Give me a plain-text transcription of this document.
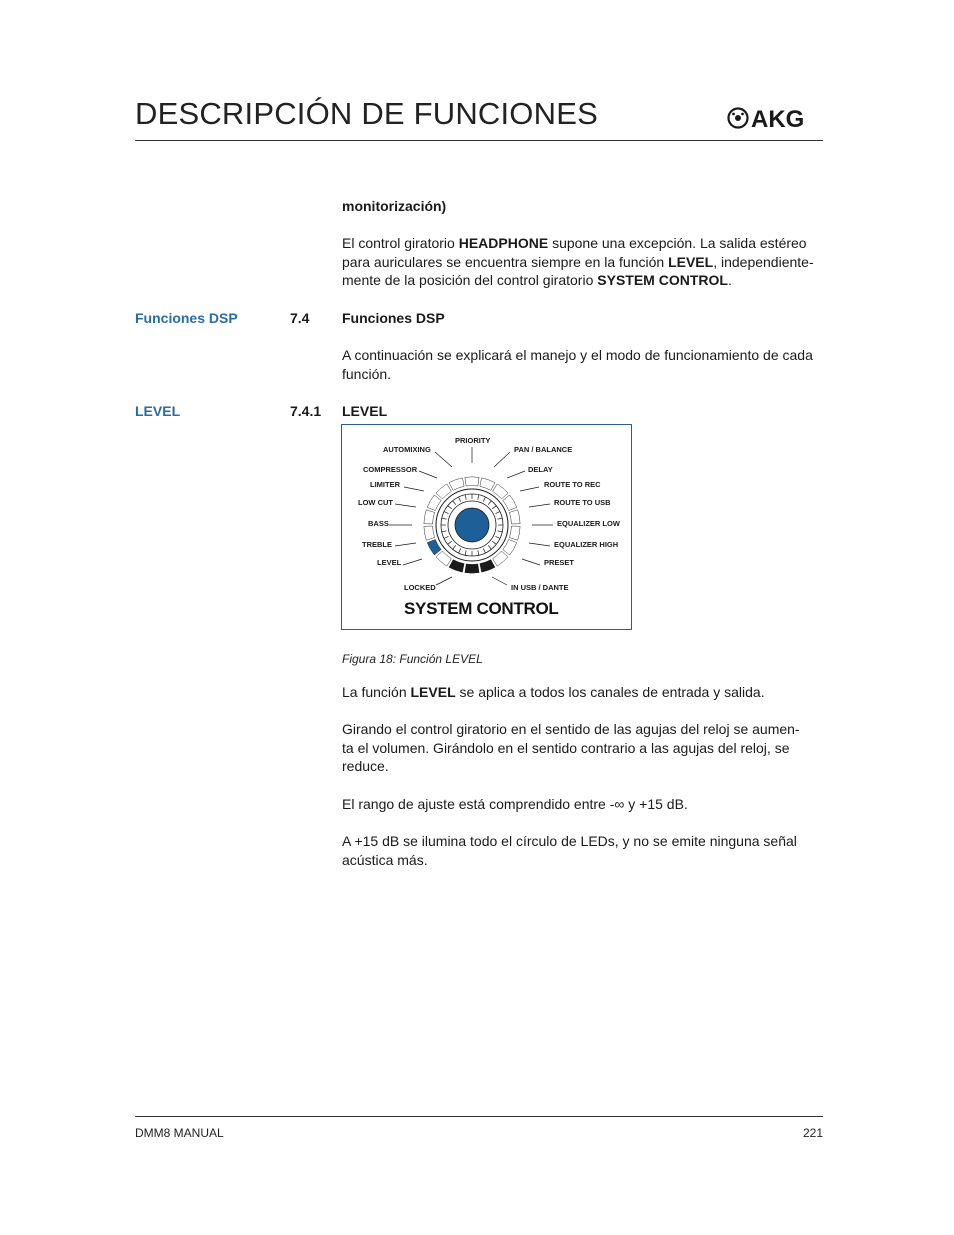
DESCRIPCIÓN DE FUNCIONES	AKG
monitorización)
El control giratorio HEADPHONE supone una excepción. La salida estéreo
para auriculares se encuentra siempre en la función LEVEL, independiente-
mente de la posición del control giratorio SYSTEM CONTROL.
Funciones DSP	7.4 Funciones DSP
A continuación se explicará el manejo y el modo de funcionamiento de cada
función.
LEVEL	7.4.1 LEVEL
PRIORITY
AUTOMIXING	PAN / BALANCE
COMPRESSOR	DELAY
LIMITER	ROUTE TO REC
LOW CUT	ROUTE TO USB
BASS	EQUALIZER LOW
TREBLE	EQUALIZER HIGH
LEVEL	PRESET
LOCKED	IN USB / DANTE
SYSTEM CONTROL
Figura 18: Función LEVEL
La función LEVEL se aplica a todos los canales de entrada y salida.
Girando el control giratorio en el sentido de las agujas del reloj se aumen-
ta el volumen. Girándolo en el sentido contrario a las agujas del reloj, se
reduce.
El rango de ajuste está comprendido entre -∞ y +15 dB.
A +15 dB se ilumina todo el círculo de LEDs, y no se emite ninguna señal
acústica más.
DMM8 MANUAL	221
